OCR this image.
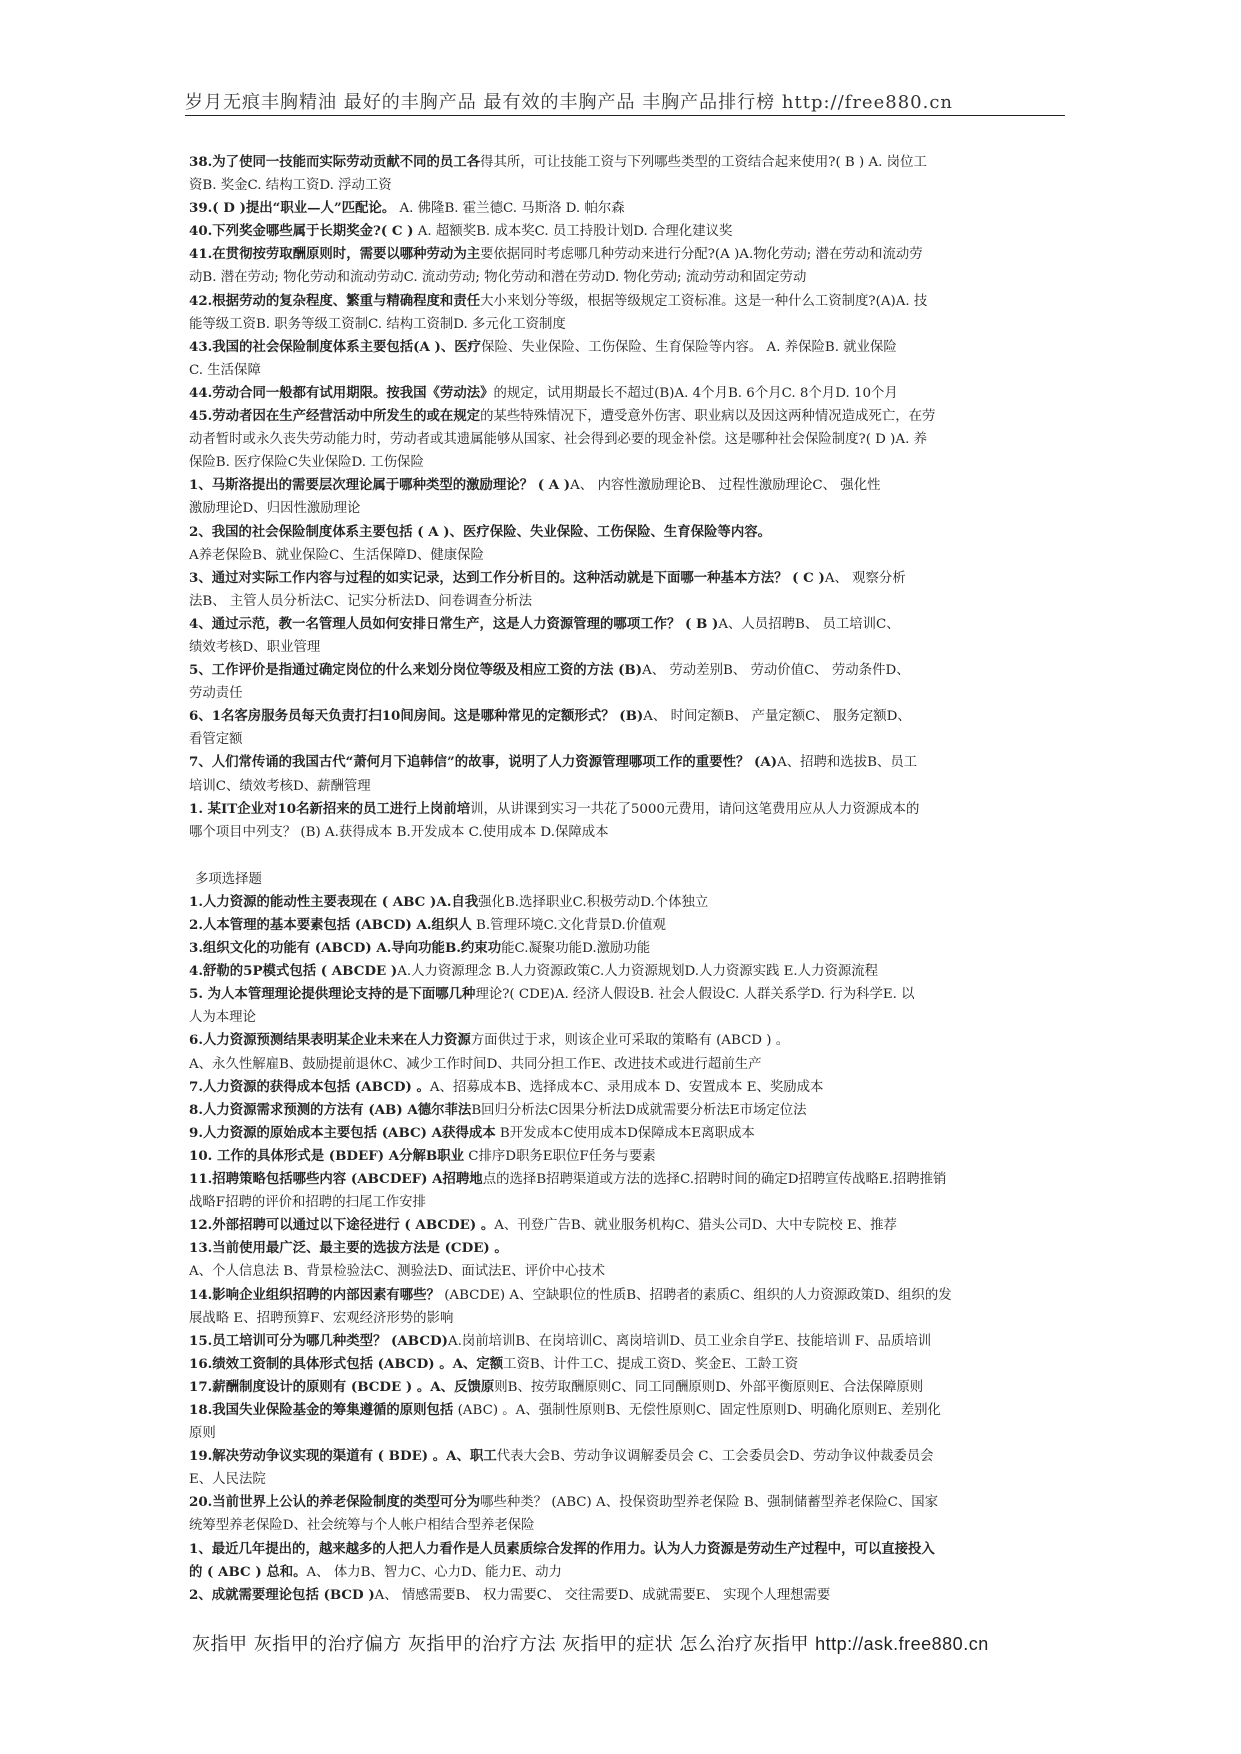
岁月无痕丰胸精油 最好的丰胸产品 最有效的丰胸产品 丰胸产品排行榜 http://free880.cn
38.为了使同一技能而实际劳动贡献不同的员工各得其所，可让技能工资与下列哪些类型的工资结合起来使用?( B ) A. 岗位工
资B. 奖金C. 结构工资D. 浮动工资
39.( D )提出“职业—人”匹配论。 A. 佛隆B. 霍兰德C. 马斯洛 D. 帕尔森
40.下列奖金哪些属于长期奖金?( C ) A. 超额奖B. 成本奖C. 员工持股计划D. 合理化建议奖
41.在贯彻按劳取酬原则时，需要以哪种劳动为主要依据同时考虑哪几种劳动来进行分配?(A )A.物化劳动; 潜在劳动和流动劳
动B. 潜在劳动; 物化劳动和流动劳动C. 流动劳动; 物化劳动和潜在劳动D. 物化劳动; 流动劳动和固定劳动
42.根据劳动的复杂程度、繁重与精确程度和责任大小来划分等级，根据等级规定工资标准。这是一种什么工资制度?(A)A. 技
能等级工资B. 职务等级工资制C. 结构工资制D. 多元化工资制度
43.我国的社会保险制度体系主要包括(A )、医疗保险、失业保险、工伤保险、生育保险等内容。 A. 养保险B. 就业保险
C. 生活保障
44.劳动合同一般都有试用期限。按我国《劳动法》的规定，试用期最长不超过(B)A. 4个月B. 6个月C. 8个月D. 10个月
45.劳动者因在生产经营活动中所发生的或在规定的某些特殊情况下，遭受意外伤害、职业病以及因这两种情况造成死亡，在劳
动者暂时或永久丧失劳动能力时，劳动者或其遗属能够从国家、社会得到必要的现金补偿。这是哪种社会保险制度?( D )A. 养
保险B. 医疗保险C失业保险D. 工伤保险
1、马斯洛提出的需要层次理论属于哪种类型的激励理论？ ( A )A、 内容性激励理论B、 过程性激励理论C、 强化性
激励理论D、归因性激励理论
2、我国的社会保险制度体系主要包括 ( A )、医疗保险、失业保险、工伤保险、生育保险等内容。
A养老保险B、就业保险C、生活保障D、健康保险
3、通过对实际工作内容与过程的如实记录，达到工作分析目的。这种活动就是下面哪一种基本方法？ ( C )A、 观察分析
法B、 主管人员分析法C、记实分析法D、问卷调查分析法
4、通过示范，教一名管理人员如何安排日常生产，这是人力资源管理的哪项工作？ ( B )A、人员招聘B、 员工培训C、
绩效考核D、职业管理
5、工作评价是指通过确定岗位的什么来划分岗位等级及相应工资的方法 (B)A、 劳动差别B、 劳动价值C、 劳动条件D、
劳动责任
6、1名客房服务员每天负责打扫10间房间。这是哪种常见的定额形式？ (B)A、 时间定额B、 产量定额C、 服务定额D、
看管定额
7、人们常传诵的我国古代“萧何月下追韩信”的故事，说明了人力资源管理哪项工作的重要性？ (A)A、招聘和选拔B、员工
培训C、绩效考核D、薪酬管理
1. 某IT企业对10名新招来的员工进行上岗前培训，从讲课到实习一共花了5000元费用，请问这笔费用应从人力资源成本的
哪个项目中列支？ (B) A.获得成本 B.开发成本 C.使用成本 D.保障成本
多项选择题
1.人力资源的能动性主要表现在 ( ABC )A.自我强化B.选择职业C.积极劳动D.个体独立
2.人本管理的基本要素包括 (ABCD) A.组织人 B.管理环境C.文化背景D.价值观
3.组织文化的功能有 (ABCD) A.导向功能B.约束功能C.凝聚功能D.激励功能
4.舒勒的5P模式包括 ( ABCDE )A.人力资源理念 B.人力资源政策C.人力资源规划D.人力资源实践 E.人力资源流程
5. 为人本管理理论提供理论支持的是下面哪几种理论?( CDE)A. 经济人假设B. 社会人假设C. 人群关系学D. 行为科学E. 以
人为本理论
6.人力资源预测结果表明某企业未来在人力资源方面供过于求，则该企业可采取的策略有 (ABCD ) 。
A、永久性解雇B、鼓励提前退休C、减少工作时间D、共同分担工作E、改进技术或进行超前生产
7.人力资源的获得成本包括 (ABCD) 。A、招募成本B、选择成本C、录用成本 D、安置成本 E、奖励成本
8.人力资源需求预测的方法有 (AB) A德尔菲法B回归分析法C因果分析法D成就需要分析法E市场定位法
9.人力资源的原始成本主要包括 (ABC) A获得成本 B开发成本C使用成本D保障成本E离职成本
10. 工作的具体形式是 (BDEF) A分解B职业 C排序D职务E职位F任务与要素
11.招聘策略包括哪些内容 (ABCDEF) A招聘地点的选择B招聘渠道或方法的选择C.招聘时间的确定D招聘宣传战略E.招聘推销
战略F招聘的评价和招聘的扫尾工作安排
12.外部招聘可以通过以下途径进行 ( ABCDE) 。A、刊登广告B、就业服务机构C、猎头公司D、大中专院校 E、推荐
13.当前使用最广泛、最主要的选拔方法是 (CDE) 。
A、个人信息法 B、背景检验法C、测验法D、面试法E、评价中心技术
14.影响企业组织招聘的内部因素有哪些？ (ABCDE) A、空缺职位的性质B、招聘者的素质C、组织的人力资源政策D、组织的发
展战略 E、招聘预算F、宏观经济形势的影响
15.员工培训可分为哪几种类型？ (ABCD)A.岗前培训B、在岗培训C、离岗培训D、员工业余自学E、技能培训 F、品质培训
16.绩效工资制的具体形式包括 (ABCD) 。A、定额工资B、计件工C、提成工资D、奖金E、工龄工资
17.薪酬制度设计的原则有 (BCDE ) 。A、反馈原则B、按劳取酬原则C、同工同酬原则D、外部平衡原则E、合法保障原则
18.我国失业保险基金的筹集遵循的原则包括 (ABC) 。A、强制性原则B、无偿性原则C、固定性原则D、明确化原则E、差别化
原则
19.解决劳动争议实现的渠道有 ( BDE) 。A、职工代表大会B、劳动争议调解委员会 C、工会委员会D、劳动争议仲裁委员会
E、人民法院
20.当前世界上公认的养老保险制度的类型可分为哪些种类？ (ABC) A、投保资助型养老保险 B、强制储蓄型养老保险C、国家
统筹型养老保险D、社会统筹与个人帐户相结合型养老保险
1、最近几年提出的，越来越多的人把人力看作是人员素质综合发挥的作用力。认为人力资源是劳动生产过程中，可以直接投入
的 ( ABC ) 总和。A、 体力B、智力C、心力D、能力E、动力
2、成就需要理论包括 (BCD )A、 情感需要B、 权力需要C、 交往需要D、成就需要E、 实现个人理想需要
灰指甲 灰指甲的治疗偏方 灰指甲的治疗方法 灰指甲的症状 怎么治疗灰指甲 http://ask.free880.cn
